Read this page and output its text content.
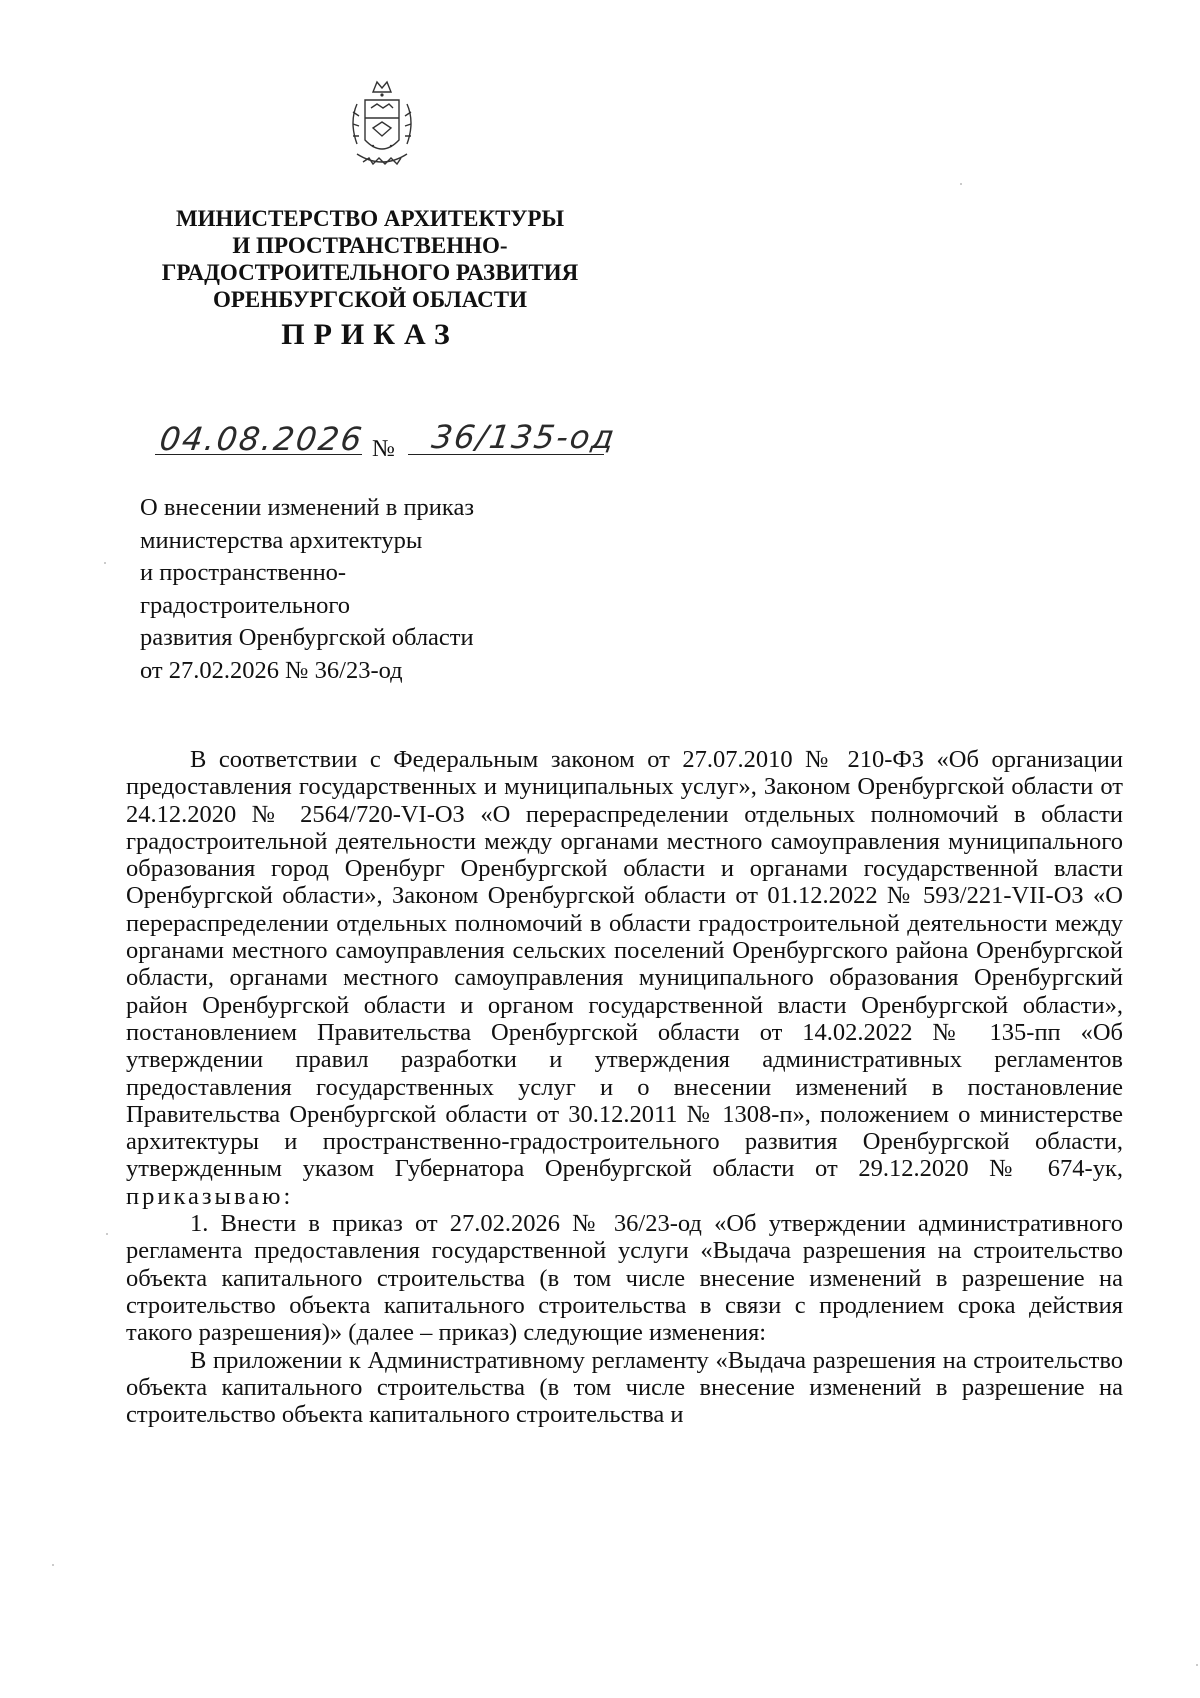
МИНИСТЕРСТВО АРХИТЕКТУРЫ
И ПРОСТРАНСТВЕННО-
ГРАДОСТРОИТЕЛЬНОГО РАЗВИТИЯ
ОРЕНБУРГСКОЙ ОБЛАСТИ
ПРИКАЗ

04.08.2026 №
36/135-од
О внесении изменений в приказ
министерства архитектуры
и пространственно-
градостроительного
развития Оренбургской области
от 27.02.2026 № 36/23-од

В соответствии с Федеральным законом от 27.07.2010 № 210-ФЗ «Об организации предоставления государственных и муниципальных услуг», Законом Оренбургской области от 24.12.2020 № 2564/720-VI-ОЗ «О перераспределении отдельных полномочий в области градостроительной деятельности между органами местного самоуправления муниципального образования город Оренбург Оренбургской области и органами государственной власти Оренбургской области», Законом Оренбургской области от 01.12.2022 № 593/221-VII-ОЗ «О перераспределении отдельных полномочий в области градостроительной деятельности между органами местного самоуправления сельских поселений Оренбургского района Оренбургской области, органами местного самоуправления муниципального образования Оренбургский район Оренбургской области и органом государственной власти Оренбургской области», постановлением Правительства Оренбургской области от 14.02.2022 № 135-пп «Об утверждении правил разработки и утверждения административных регламентов предоставления государственных услуг и о внесении изменений в постановление Правительства Оренбургской области от 30.12.2011 № 1308-п», положением о министерстве архитектуры и пространственно-градостроительного развития Оренбургской области, утвержденным указом Губернатора Оренбургской области от 29.12.2020 № 674-ук, приказываю:

1. Внести в приказ от 27.02.2026 № 36/23-од «Об утверждении административного регламента предоставления государственной услуги «Выдача разрешения на строительство объекта капитального строительства (в том числе внесение изменений в разрешение на строительство объекта капитального строительства в связи с продлением срока действия такого разрешения)» (далее – приказ) следующие изменения:

В приложении к Административному регламенту «Выдача разрешения на строительство объекта капитального строительства (в том числе внесение изменений в разрешение на строительство объекта капитального строительства и
